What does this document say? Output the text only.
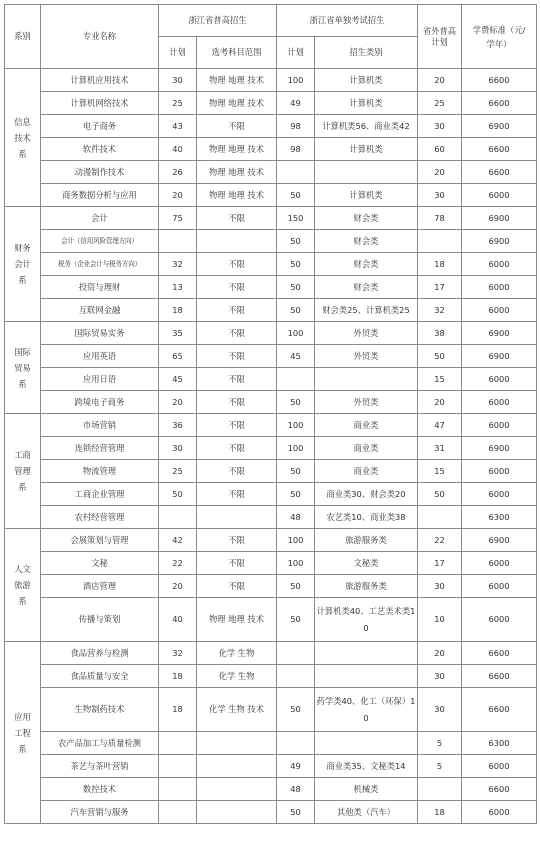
系别	专业名称	浙江省普高招生		浙江省单独考试招生		省外普高计划	学费标准（元/学年）
		计划	选考科目范围	计划	招生类别		
信息技术系	计算机应用技术	30	物理 地理 技术	100	计算机类	20	6600
	计算机网络技术	25	物理 地理 技术	49	计算机类	25	6600
	电子商务	43	不限	98	计算机类56、商业类42	30	6900
	软件技术	40	物理 地理 技术	98	计算机类	60	6600
	动漫制作技术	26	物理 地理 技术			20	6600
	商务数据分析与应用	20	物理 地理 技术	50	计算机类	30	6000
财务会计系	会计	75	不限	150	财会类	78	6900
	会计（信用风险管理方向）			50	财会类		6900
	税务（企业会计与税务方向）	32	不限	50	财会类	18	6000
	投资与理财	13	不限	50	财会类	17	6000
	互联网金融	18	不限	50	财会类25、计算机类25	32	6000
国际贸易系	国际贸易实务	35	不限	100	外贸类	38	6900
	应用英语	65	不限	45	外贸类	50	6900
	应用日语	45	不限			15	6000
	跨境电子商务	20	不限	50	外贸类	20	6000
工商管理系	市场营销	36	不限	100	商业类	47	6000
	连锁经营管理	30	不限	100	商业类	31	6900
	物流管理	25	不限	50	商业类	15	6000
	工商企业管理	50	不限	50	商业类30、财会类20	50	6000
	农村经营管理			48	农艺类10、商业类38		6300
人文旅游系	会展策划与管理	42	不限	100	旅游服务类	22	6900
	文秘	22	不限	100	文秘类	17	6000
	酒店管理	20	不限	50	旅游服务类	30	6000
	传播与策划	40	物理 地理 技术	50	计算机类40、工艺美术类10	10	6000
应用工程系	食品营养与检测	32	化学 生物			20	6600
	食品质量与安全	18	化学 生物			30	6600
	生物制药技术	18	化学 生物 技术	50	药学类40、化工（环保）10	30	6600
	农产品加工与质量检测					5	6300
	茶艺与茶叶营销			49	商业类35、文秘类14	5	6000
	数控技术			48	机械类		6600
	汽车营销与服务			50	其他类（汽车）	18	6000
